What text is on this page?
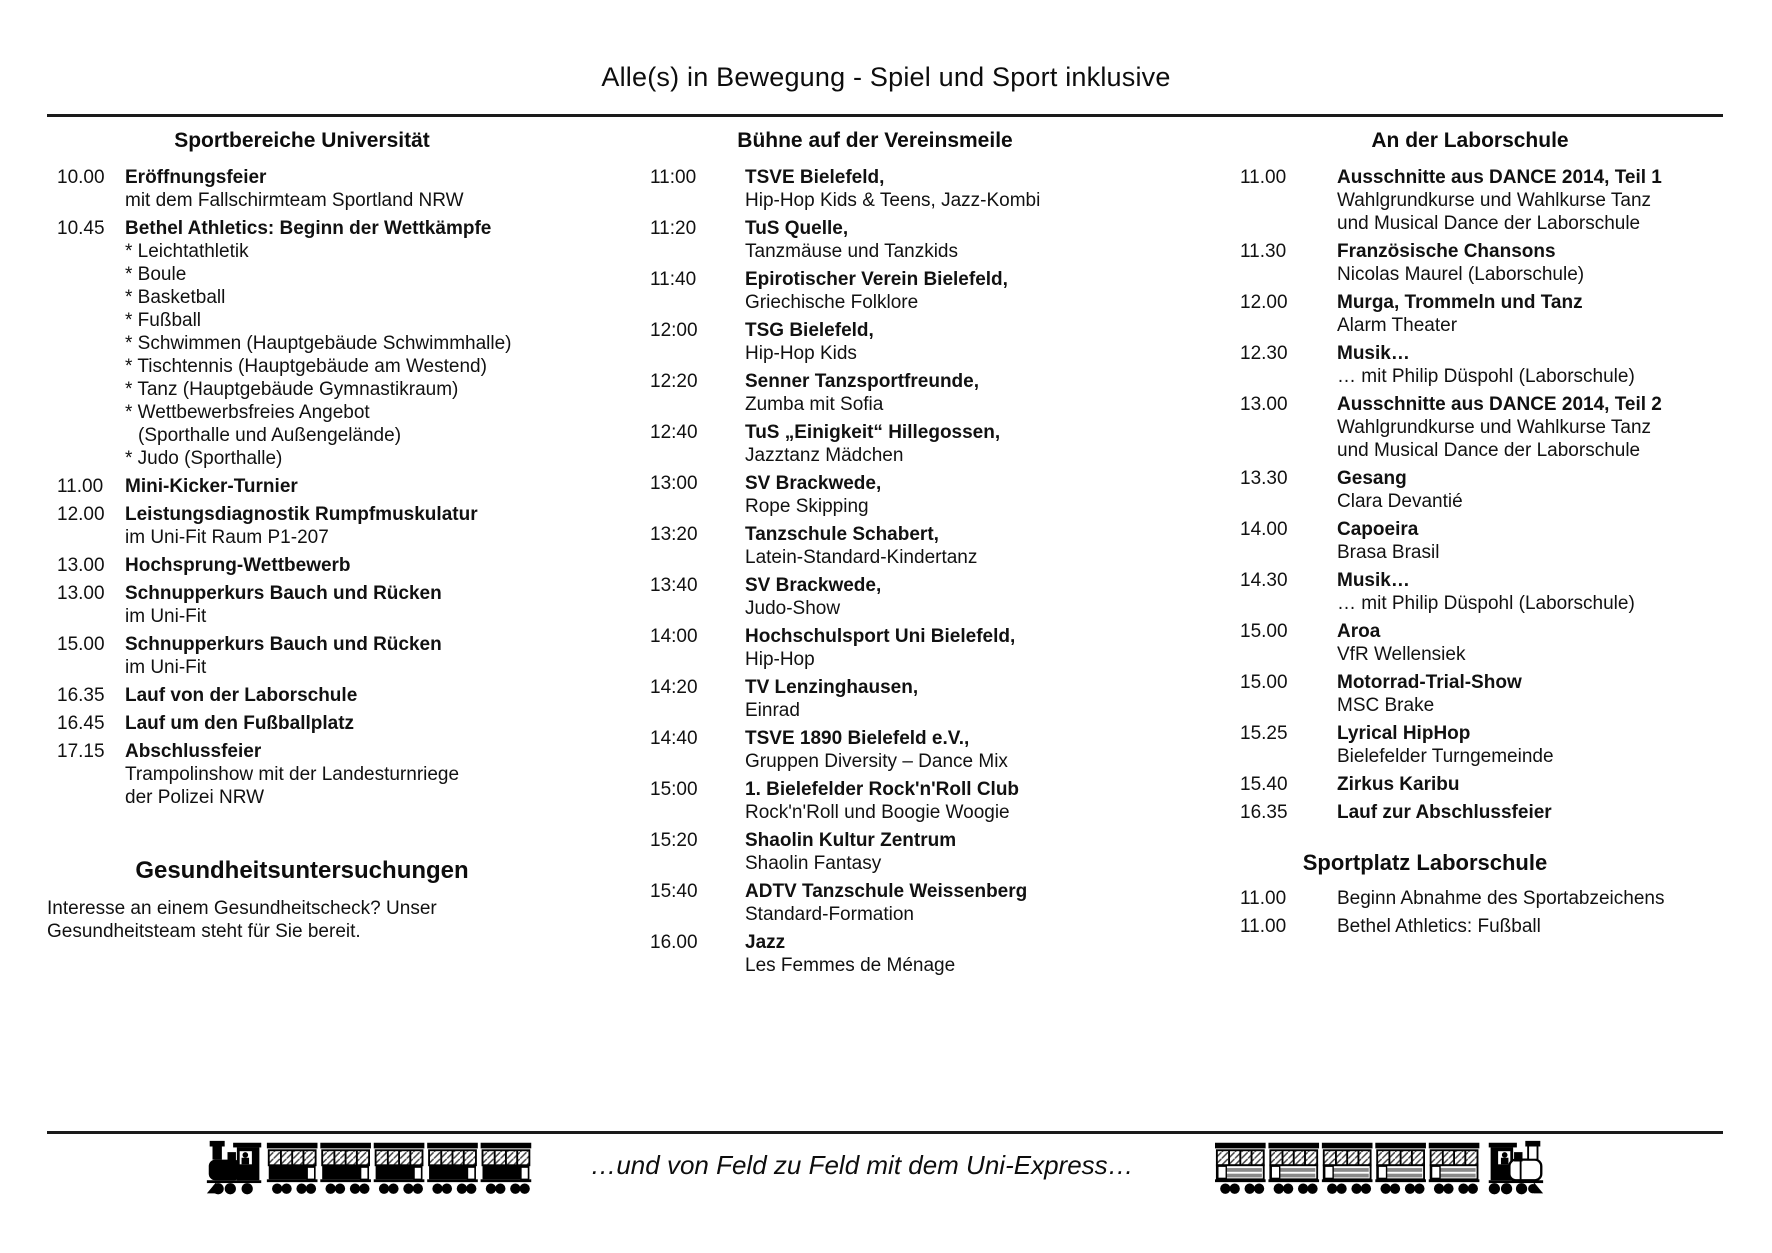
Alle(s) in Bewegung - Spiel und Sport inklusive
Sportbereiche Universität
10.00	Eröffnungsfeier
mit dem Fallschirmteam Sportland NRW
10.45	Bethel Athletics: Beginn der Wettkämpfe
* Leichtathletik
* Boule
* Basketball
* Fußball
* Schwimmen (Hauptgebäude Schwimmhalle)
* Tischtennis (Hauptgebäude am Westend)
* Tanz (Hauptgebäude Gymnastikraum)
* Wettbewerbsfreies Angebot
(Sporthalle und Außengelände)
* Judo (Sporthalle)
11.00	Mini-Kicker-Turnier
12.00	Leistungsdiagnostik Rumpfmuskulatur
im Uni-Fit Raum P1-207
13.00	Hochsprung-Wettbewerb
13.00	Schnupperkurs Bauch und Rücken
im Uni-Fit
15.00	Schnupperkurs Bauch und Rücken
im Uni-Fit
16.35	Lauf von der Laborschule
16.45	Lauf um den Fußballplatz
17.15	Abschlussfeier
Trampolinshow mit der Landesturnriege
der Polizei NRW
Gesundheitsuntersuchungen
Interesse an einem Gesundheitscheck? Unser
Gesundheitsteam steht für Sie bereit.
Bühne auf der Vereinsmeile
11:00	TSVE Bielefeld,
Hip-Hop Kids & Teens, Jazz-Kombi
11:20	TuS Quelle,
Tanzmäuse und Tanzkids
11:40	Epirotischer Verein Bielefeld,
Griechische Folklore
12:00	TSG Bielefeld,
Hip-Hop Kids
12:20	Senner Tanzsportfreunde,
Zumba mit Sofia
12:40	TuS „Einigkeit“ Hillegossen,
Jazztanz Mädchen
13:00	SV Brackwede,
Rope Skipping
13:20	Tanzschule Schabert,
Latein-Standard-Kindertanz
13:40	SV Brackwede,
Judo-Show
14:00	Hochschulsport Uni Bielefeld,
Hip-Hop
14:20	TV Lenzinghausen,
Einrad
14:40	TSVE 1890 Bielefeld e.V.,
Gruppen Diversity – Dance Mix
15:00	1. Bielefelder Rock'n'Roll Club
Rock'n'Roll und Boogie Woogie
15:20	Shaolin Kultur Zentrum
Shaolin Fantasy
15:40	ADTV Tanzschule Weissenberg
Standard-Formation
16.00	Jazz
Les Femmes de Ménage
An der Laborschule
11.00	Ausschnitte aus DANCE 2014, Teil 1
Wahlgrundkurse und Wahlkurse Tanz
und Musical Dance der Laborschule
11.30	Französische Chansons
Nicolas Maurel (Laborschule)
12.00	Murga, Trommeln und Tanz
Alarm Theater
12.30	Musik…
… mit Philip Düspohl (Laborschule)
13.00	Ausschnitte aus DANCE 2014, Teil 2
Wahlgrundkurse und Wahlkurse Tanz
und Musical Dance der Laborschule
13.30	Gesang
Clara Devantié
14.00	Capoeira
Brasa Brasil
14.30	Musik…
… mit Philip Düspohl (Laborschule)
15.00	Aroa
VfR Wellensiek
15.00	Motorrad-Trial-Show
MSC Brake
15.25	Lyrical HipHop
Bielefelder Turngemeinde
15.40	Zirkus Karibu
16.35	Lauf zur Abschlussfeier
Sportplatz Laborschule
11.00	Beginn Abnahme des Sportabzeichens
11.00	Bethel Athletics: Fußball
…und von Feld zu Feld mit dem Uni-Express…
